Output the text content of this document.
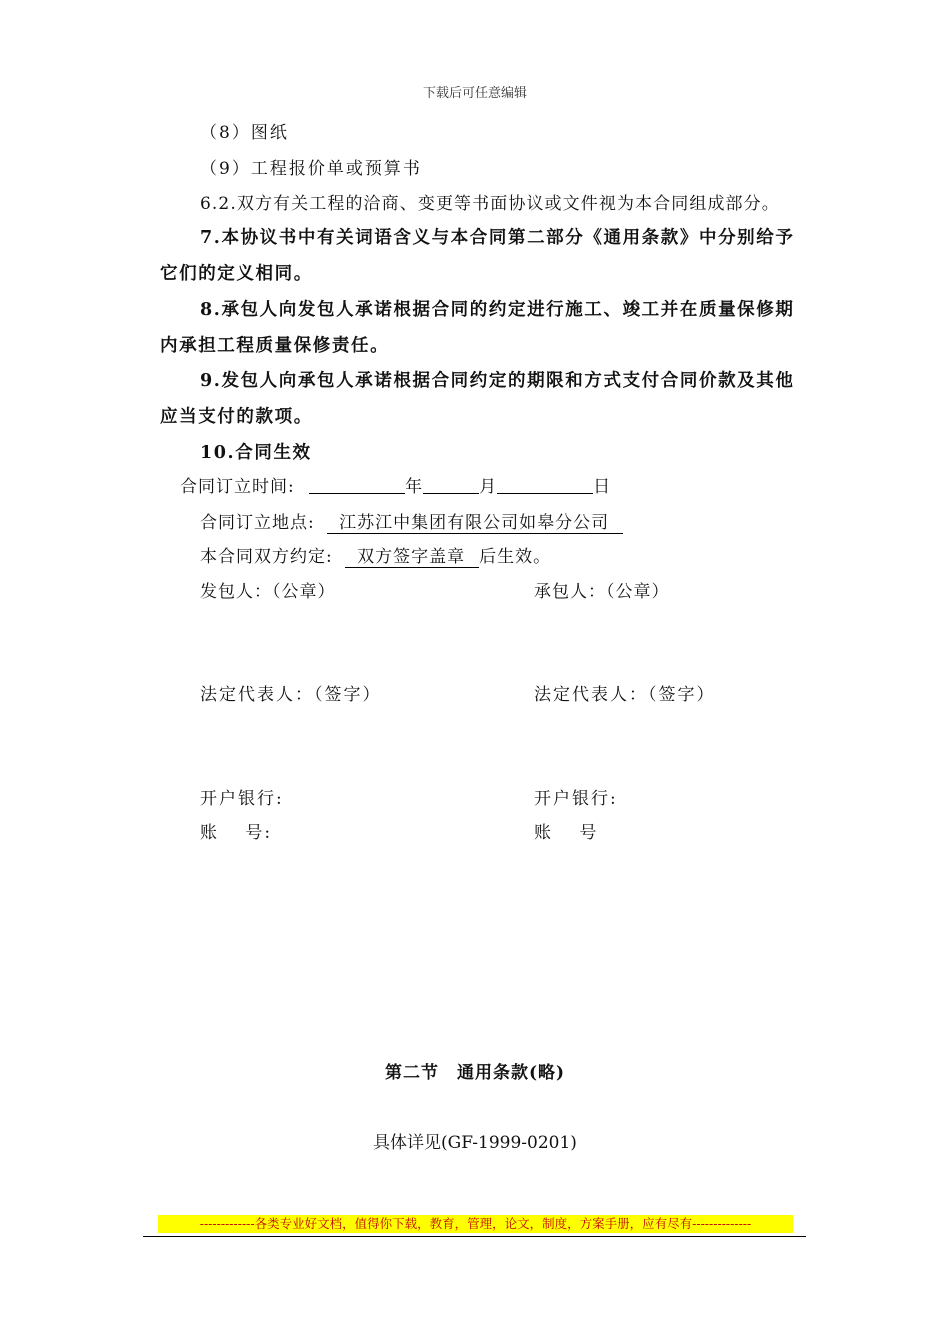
下载后可任意编辑
（8）图纸
（9）工程报价单或预算书
6.2.双方有关工程的洽商、变更等书面协议或文件视为本合同组成部分。
7.本协议书中有关词语含义与本合同第二部分《通用条款》中分别给予
它们的定义相同。
8.承包人向发包人承诺根据合同的约定进行施工、竣工并在质量保修期
内承担工程质量保修责任。
9.发包人向承包人承诺根据合同约定的期限和方式支付合同价款及其他
应当支付的款项。
10.合同生效
合同订立时间:	年	月	日
合同订立地点: 江苏江中集团有限公司如皋分公司
本合同双方约定: 双方签字盖章 后生效。
发包人：（公章）	承包人：（公章）
法定代表人：（签字）	法定代表人：（签字）
开户银行:	开户银行:
账　 号:	账　 号
第二节　通用条款(略)
具体详见(GF-1999-0201)
-------------各类专业好文档，值得你下载，教育，管理，论文，制度，方案手册，应有尽有--------------
